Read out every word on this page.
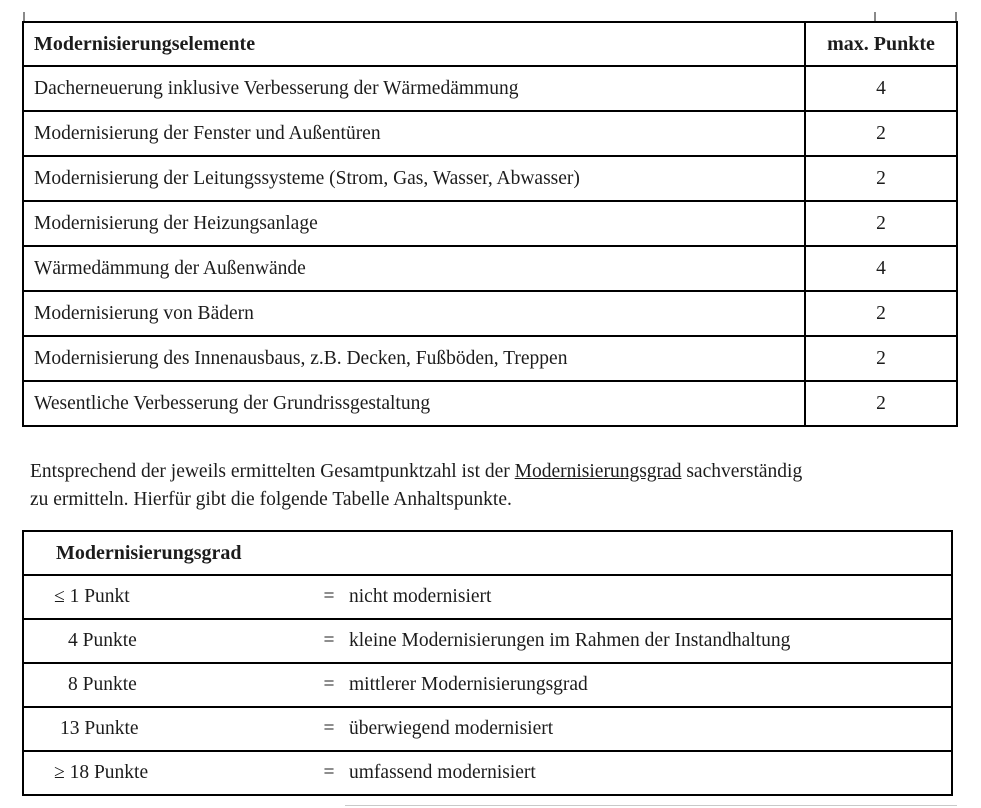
Modernisierungselemente	max. Punkte
Dacherneuerung inklusive Verbesserung der Wärmedämmung	4
Modernisierung der Fenster und Außentüren	2
Modernisierung der Leitungssysteme (Strom, Gas, Wasser, Abwasser)	2
Modernisierung der Heizungsanlage	2
Wärmedämmung der Außenwände	4
Modernisierung von Bädern	2
Modernisierung des Innenausbaus, z.B. Decken, Fußböden, Treppen	2
Wesentliche Verbesserung der Grundrissgestaltung	2
Entsprechend der jeweils ermittelten Gesamtpunktzahl ist der Modernisierungsgrad sachverständig
zu ermitteln. Hierfür gibt die folgende Tabelle Anhaltspunkte.
Modernisierungsgrad
≤ 1 Punkt	= nicht modernisiert
4 Punkte	= kleine Modernisierungen im Rahmen der Instandhaltung
8 Punkte	= mittlerer Modernisierungsgrad
13 Punkte	= überwiegend modernisiert
≥ 18 Punkte	= umfassend modernisiert
